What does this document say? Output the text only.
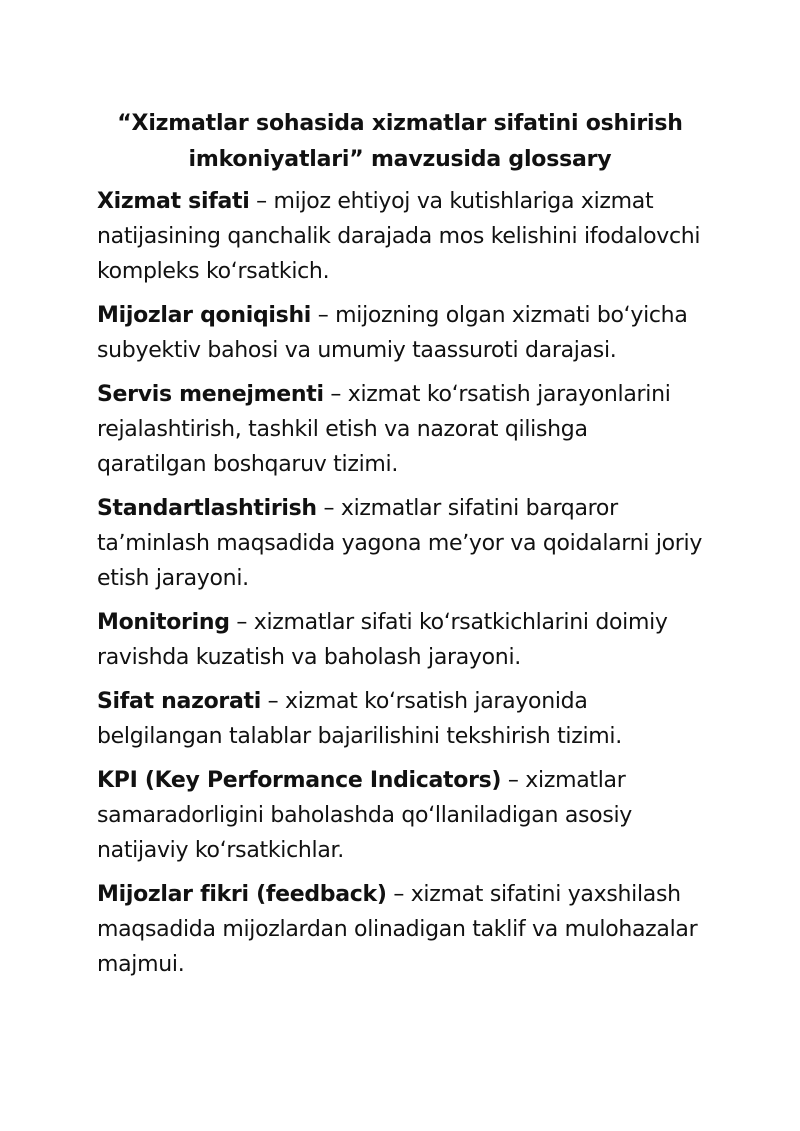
“Xizmatlar sohasida xizmatlar sifatini oshirish imkoniyatlari” mavzusida glossary

Xizmat sifati – mijoz ehtiyoj va kutishlariga xizmat natijasining qanchalik darajada mos kelishini ifodalovchi kompleks koʻrsatkich.

Mijozlar qoniqishi – mijozning olgan xizmati boʻyicha subyektiv bahosi va umumiy taassuroti darajasi.

Servis menejmenti – xizmat koʻrsatish jarayonlarini rejalashtirish, tashkil etish va nazorat qilishga qaratilgan boshqaruv tizimi.

Standartlashtirish – xizmatlar sifatini barqaror taʼminlash maqsadida yagona meʼyor va qoidalarni joriy etish jarayoni.

Monitoring – xizmatlar sifati koʻrsatkichlarini doimiy ravishda kuzatish va baholash jarayoni.

Sifat nazorati – xizmat koʻrsatish jarayonida belgilangan talablar bajarilishini tekshirish tizimi.

KPI (Key Performance Indicators) – xizmatlar samaradorligini baholashda qoʻllaniladigan asosiy natijaviy koʻrsatkichlar.

Mijozlar fikri (feedback) – xizmat sifatini yaxshilash maqsadida mijozlardan olinadigan taklif va mulohazalar majmui.
